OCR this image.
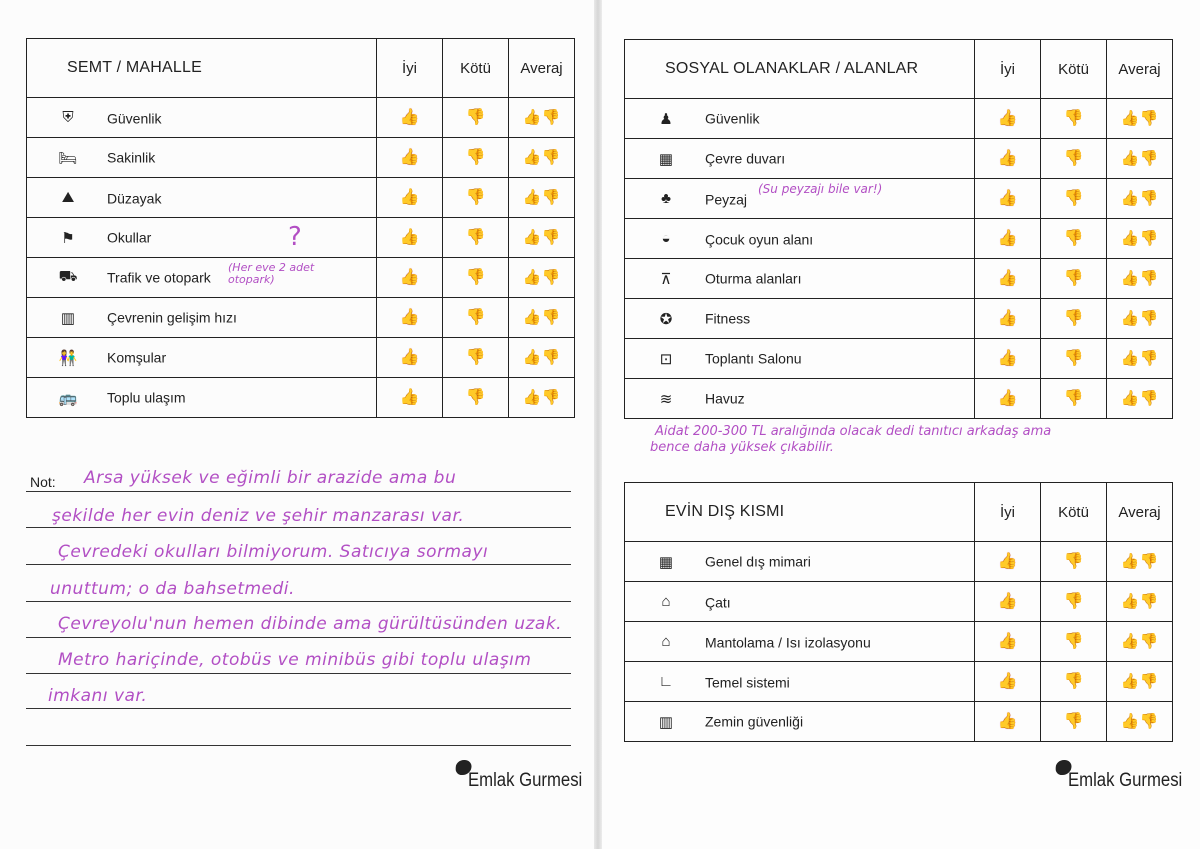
SEMT / MAHALLE	İyi	Kötü	Averaj
⛨ Güvenlik	👍	👎	👍 👎

🛏 Sakinlik	👍	👎	👍 👎

⛰ Düzayak	👍	👎	👍 👎

⚑ Okullar	👍	👎	👍 👎

⛟ Trafik ve otopark	👍	👎	👍 👎

▥ Çevrenin gelişim hızı	👍	👎	👍 👎

👫 Komşular	👍	👎	👍 👎

🚌 Toplu ulaşım	👍	👎	👍 👎
SOSYAL OLANAKLAR / ALANLAR	İyi	Kötü	Averaj
♟ Güvenlik	👍	👎	👍 👎

▦ Çevre duvarı	👍	👎	👍 👎

♣ Peyzaj	👍	👎	👍 👎

◒ Çocuk oyun alanı	👍	👎	👍 👎

⊼ Oturma alanları	👍	👎	👍 👎

✪ Fitness	👍	👎	👍 👎

⊡ Toplantı Salonu	👍	👎	👍 👎

≋ Havuz	👍	👎	👍 👎
EVİN DIŞ KISMI	İyi	Kötü	Averaj
▦ Genel dış mimari	👍	👎	👍 👎

⌂ Çatı	👍	👎	👍 👎

⌂ Mantolama / Isı izolasyonu	👍	👎	👍 👎

∟ Temel sistemi	👍	👎	👍 👎

▥ Zemin güvenliği	👍	👎	👍 👎
?
(Her eve 2 adet otopark)
(Su peyzajı bile var!)
Aidat 200-300 TL aralığında olacak dedi tanıtıcı arkadaş ama
bence daha yüksek çıkabilir.
Not: Arsa yüksek ve eğimli bir arazide ama bu
şekilde her evin deniz ve şehir manzarası var.
Çevredeki okulları bilmiyorum. Satıcıya sormayı
unuttum; o da bahsetmedi.
Çevreyolu'nun hemen dibinde ama gürültüsünden uzak.
Metro hariçinde, otobüs ve minibüs gibi toplu ulaşım
imkanı var.
Emlak Gurmesi	Emlak Gurmesi
